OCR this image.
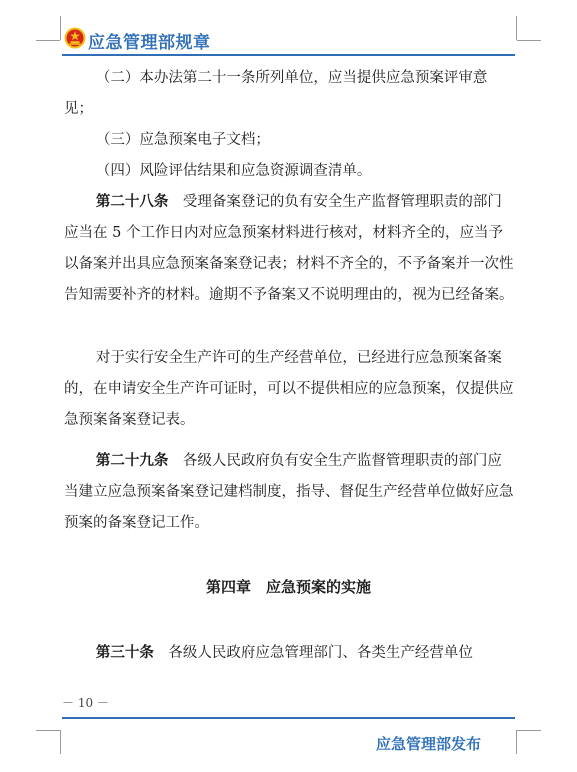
应急管理部规章

（二）本办法第二十一条所列单位，应当提供应急预案评审意见；

（三）应急预案电子文档；

（四）风险评估结果和应急资源调查清单。

第二十八条　 受理备案登记的负有安全生产监督管理职责的部门应当在 5 个工作日内对应急预案材料进行核对，材料齐全的，应当予以备案并出具应急预案备案登记表；材料不齐全的，不予备案并一次性告知需要补齐的材料。逾期不予备案又不说明理由的，视为已经备案。

对于实行安全生产许可的生产经营单位，已经进行应急预案备案的，在申请安全生产许可证时，可以不提供相应的应急预案，仅提供应急预案备案登记表。

第二十九条　 各级人民政府负有安全生产监督管理职责的部门应当建立应急预案备案登记建档制度，指导、督促生产经营单位做好应急预案的备案登记工作。

第四章　应急预案的实施

第三十条　 各级人民政府应急管理部门、各类生产经营单位

－ 10 －
应急管理部发布
